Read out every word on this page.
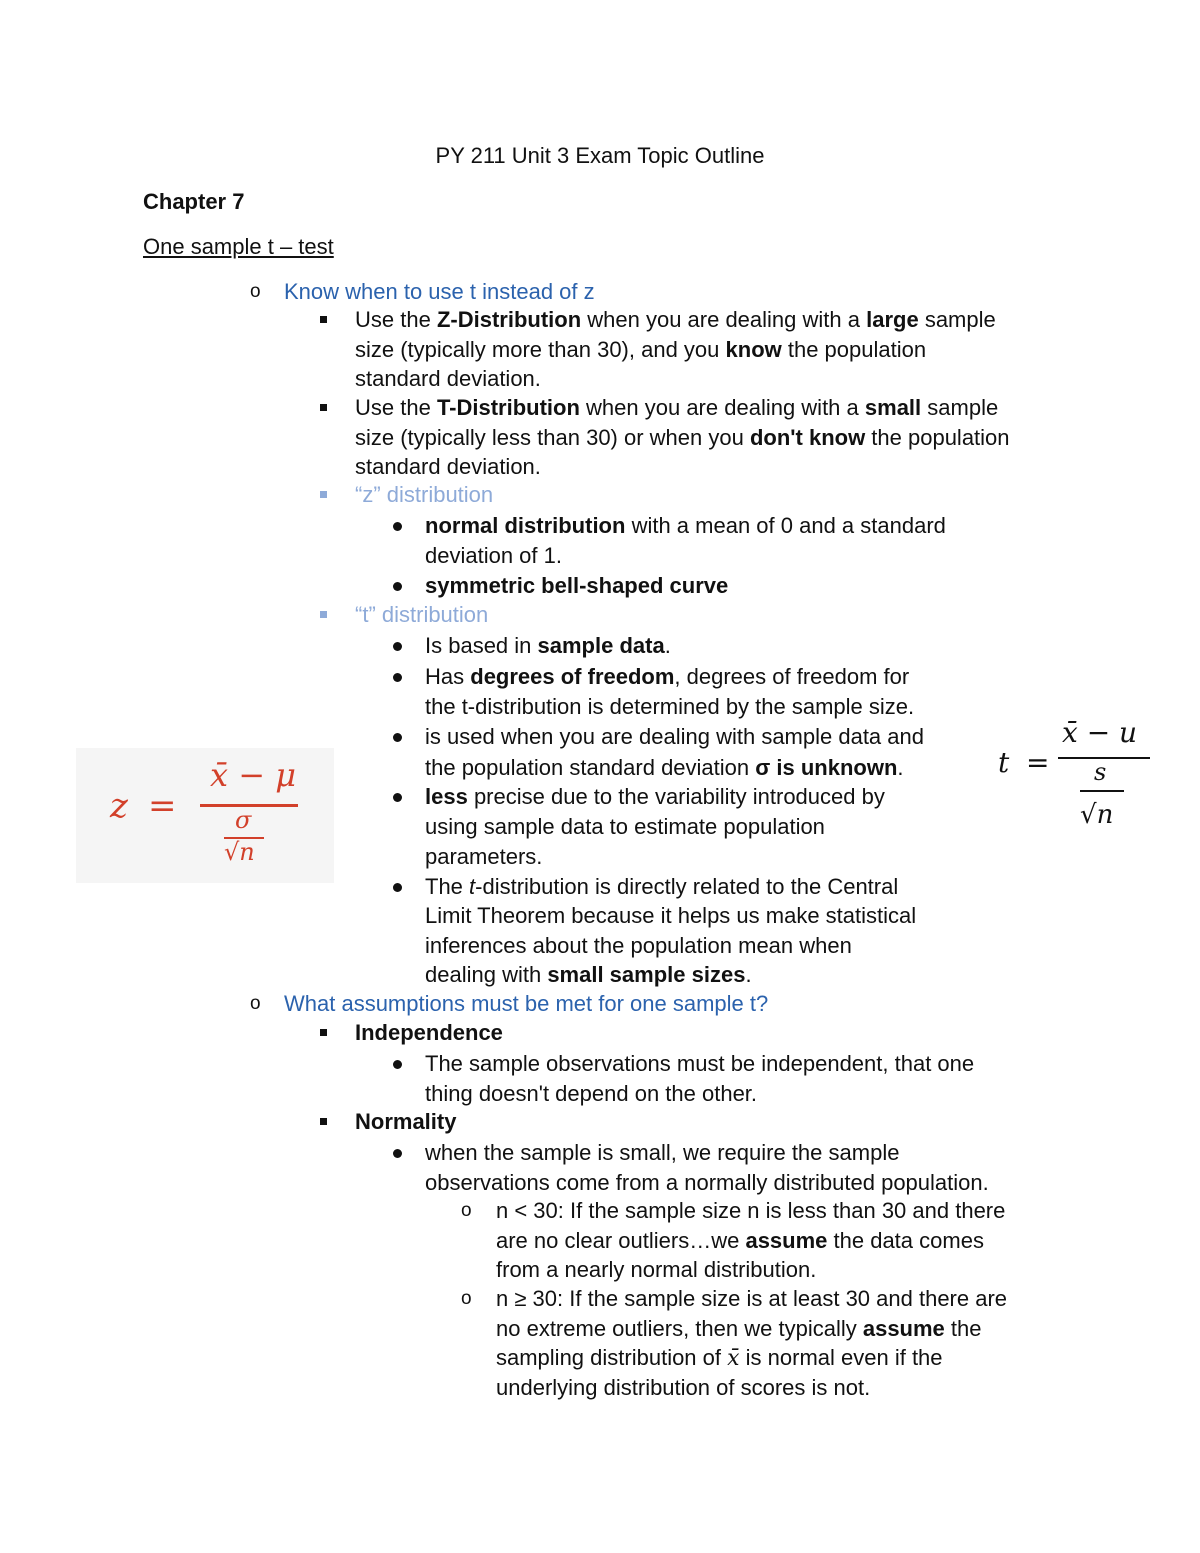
PY 211 Unit 3 Exam Topic Outline
Chapter 7
One sample t – test
o Know when to use t instead of z
Use the Z-Distribution when you are dealing with a large sample
size (typically more than 30), and you know the population
standard deviation.
Use the T-Distribution when you are dealing with a small sample
size (typically less than 30) or when you don't know the population
standard deviation.
“z” distribution
normal distribution with a mean of 0 and a standard
deviation of 1.
symmetric bell-shaped curve
“t” distribution
Is based in sample data.
Has degrees of freedom, degrees of freedom for
the t-distribution is determined by the sample size.
is used when you are dealing with sample data and
the population standard deviation σ is unknown.
less precise due to the variability introduced by
using sample data to estimate population
parameters.
The t-distribution is directly related to the Central
Limit Theorem because it helps us make statistical
inferences about the population mean when
dealing with small sample sizes.
o What assumptions must be met for one sample t?
Independence
The sample observations must be independent, that one
thing doesn't depend on the other.
Normality
when the sample is small, we require the sample
observations come from a normally distributed population.
o n < 30: If the sample size n is less than 30 and there
are no clear outliers…we assume the data comes
from a nearly normal distribution.
o n ≥ 30: If the sample size is at least 30 and there are
no extreme outliers, then we typically assume the
sampling distribution of x̄ is normal even if the
underlying distribution of scores is not.
z =
x̄ − μ
σ
√n
t =
x̄ − u
s
√n
